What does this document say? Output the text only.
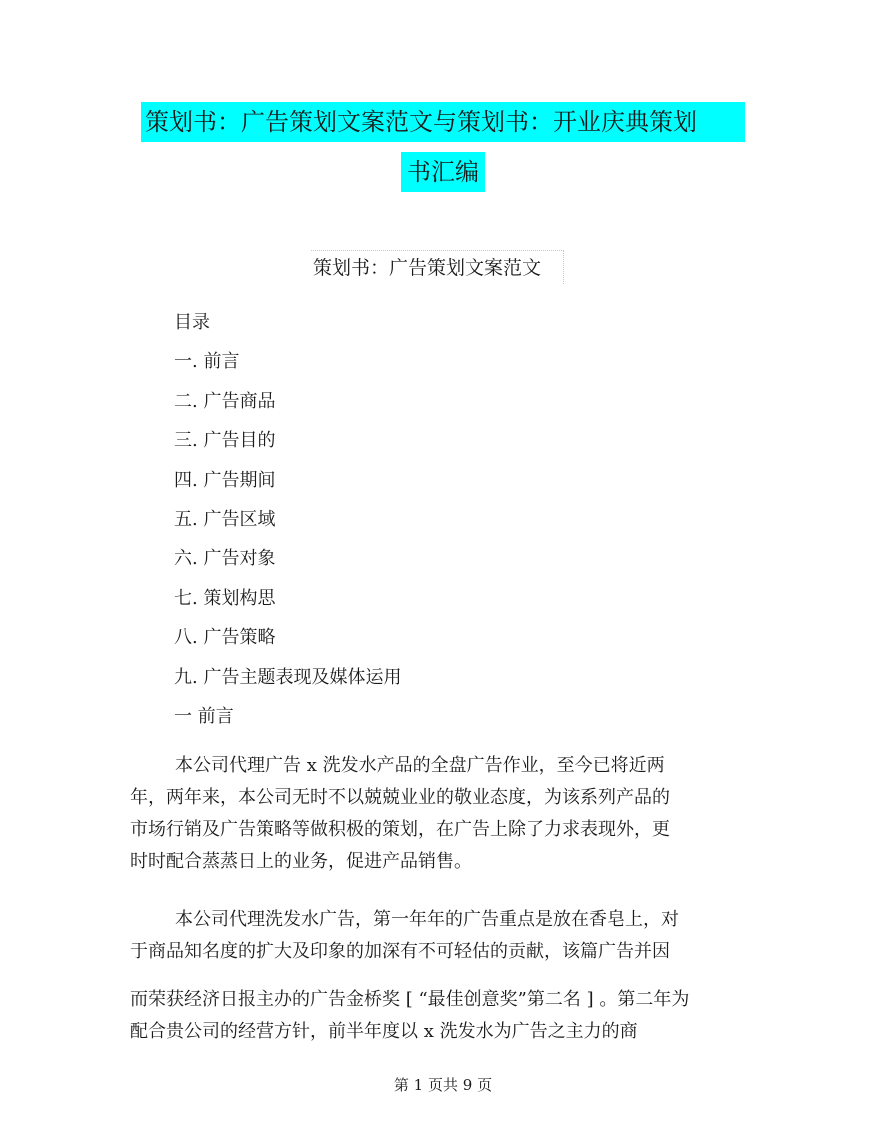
策划书：广告策划文案范文与策划书：开业庆典策划
书汇编
策划书：广告策划文案范文
目录
一. 前言
二. 广告商品
三. 广告目的
四. 广告期间
五. 广告区域
六. 广告对象
七. 策划构思
八. 广告策略
九. 广告主题表现及媒体运用
一 前言
本公司代理广告 x 洗发水产品的全盘广告作业，至今已将近两
年，两年来，本公司无时不以兢兢业业的敬业态度，为该系列产品的
市场行销及广告策略等做积极的策划，在广告上除了力求表现外，更
时时配合蒸蒸日上的业务，促进产品销售。
本公司代理洗发水广告，第一年年的广告重点是放在香皂上，对
于商品知名度的扩大及印象的加深有不可轻估的贡献，该篇广告并因
而荣获经济日报主办的广告金桥奖 [ “最佳创意奖”第二名 ] 。第二年为
配合贵公司的经营方针，前半年度以 x 洗发水为广告之主力的商
第 1 页共 9 页
